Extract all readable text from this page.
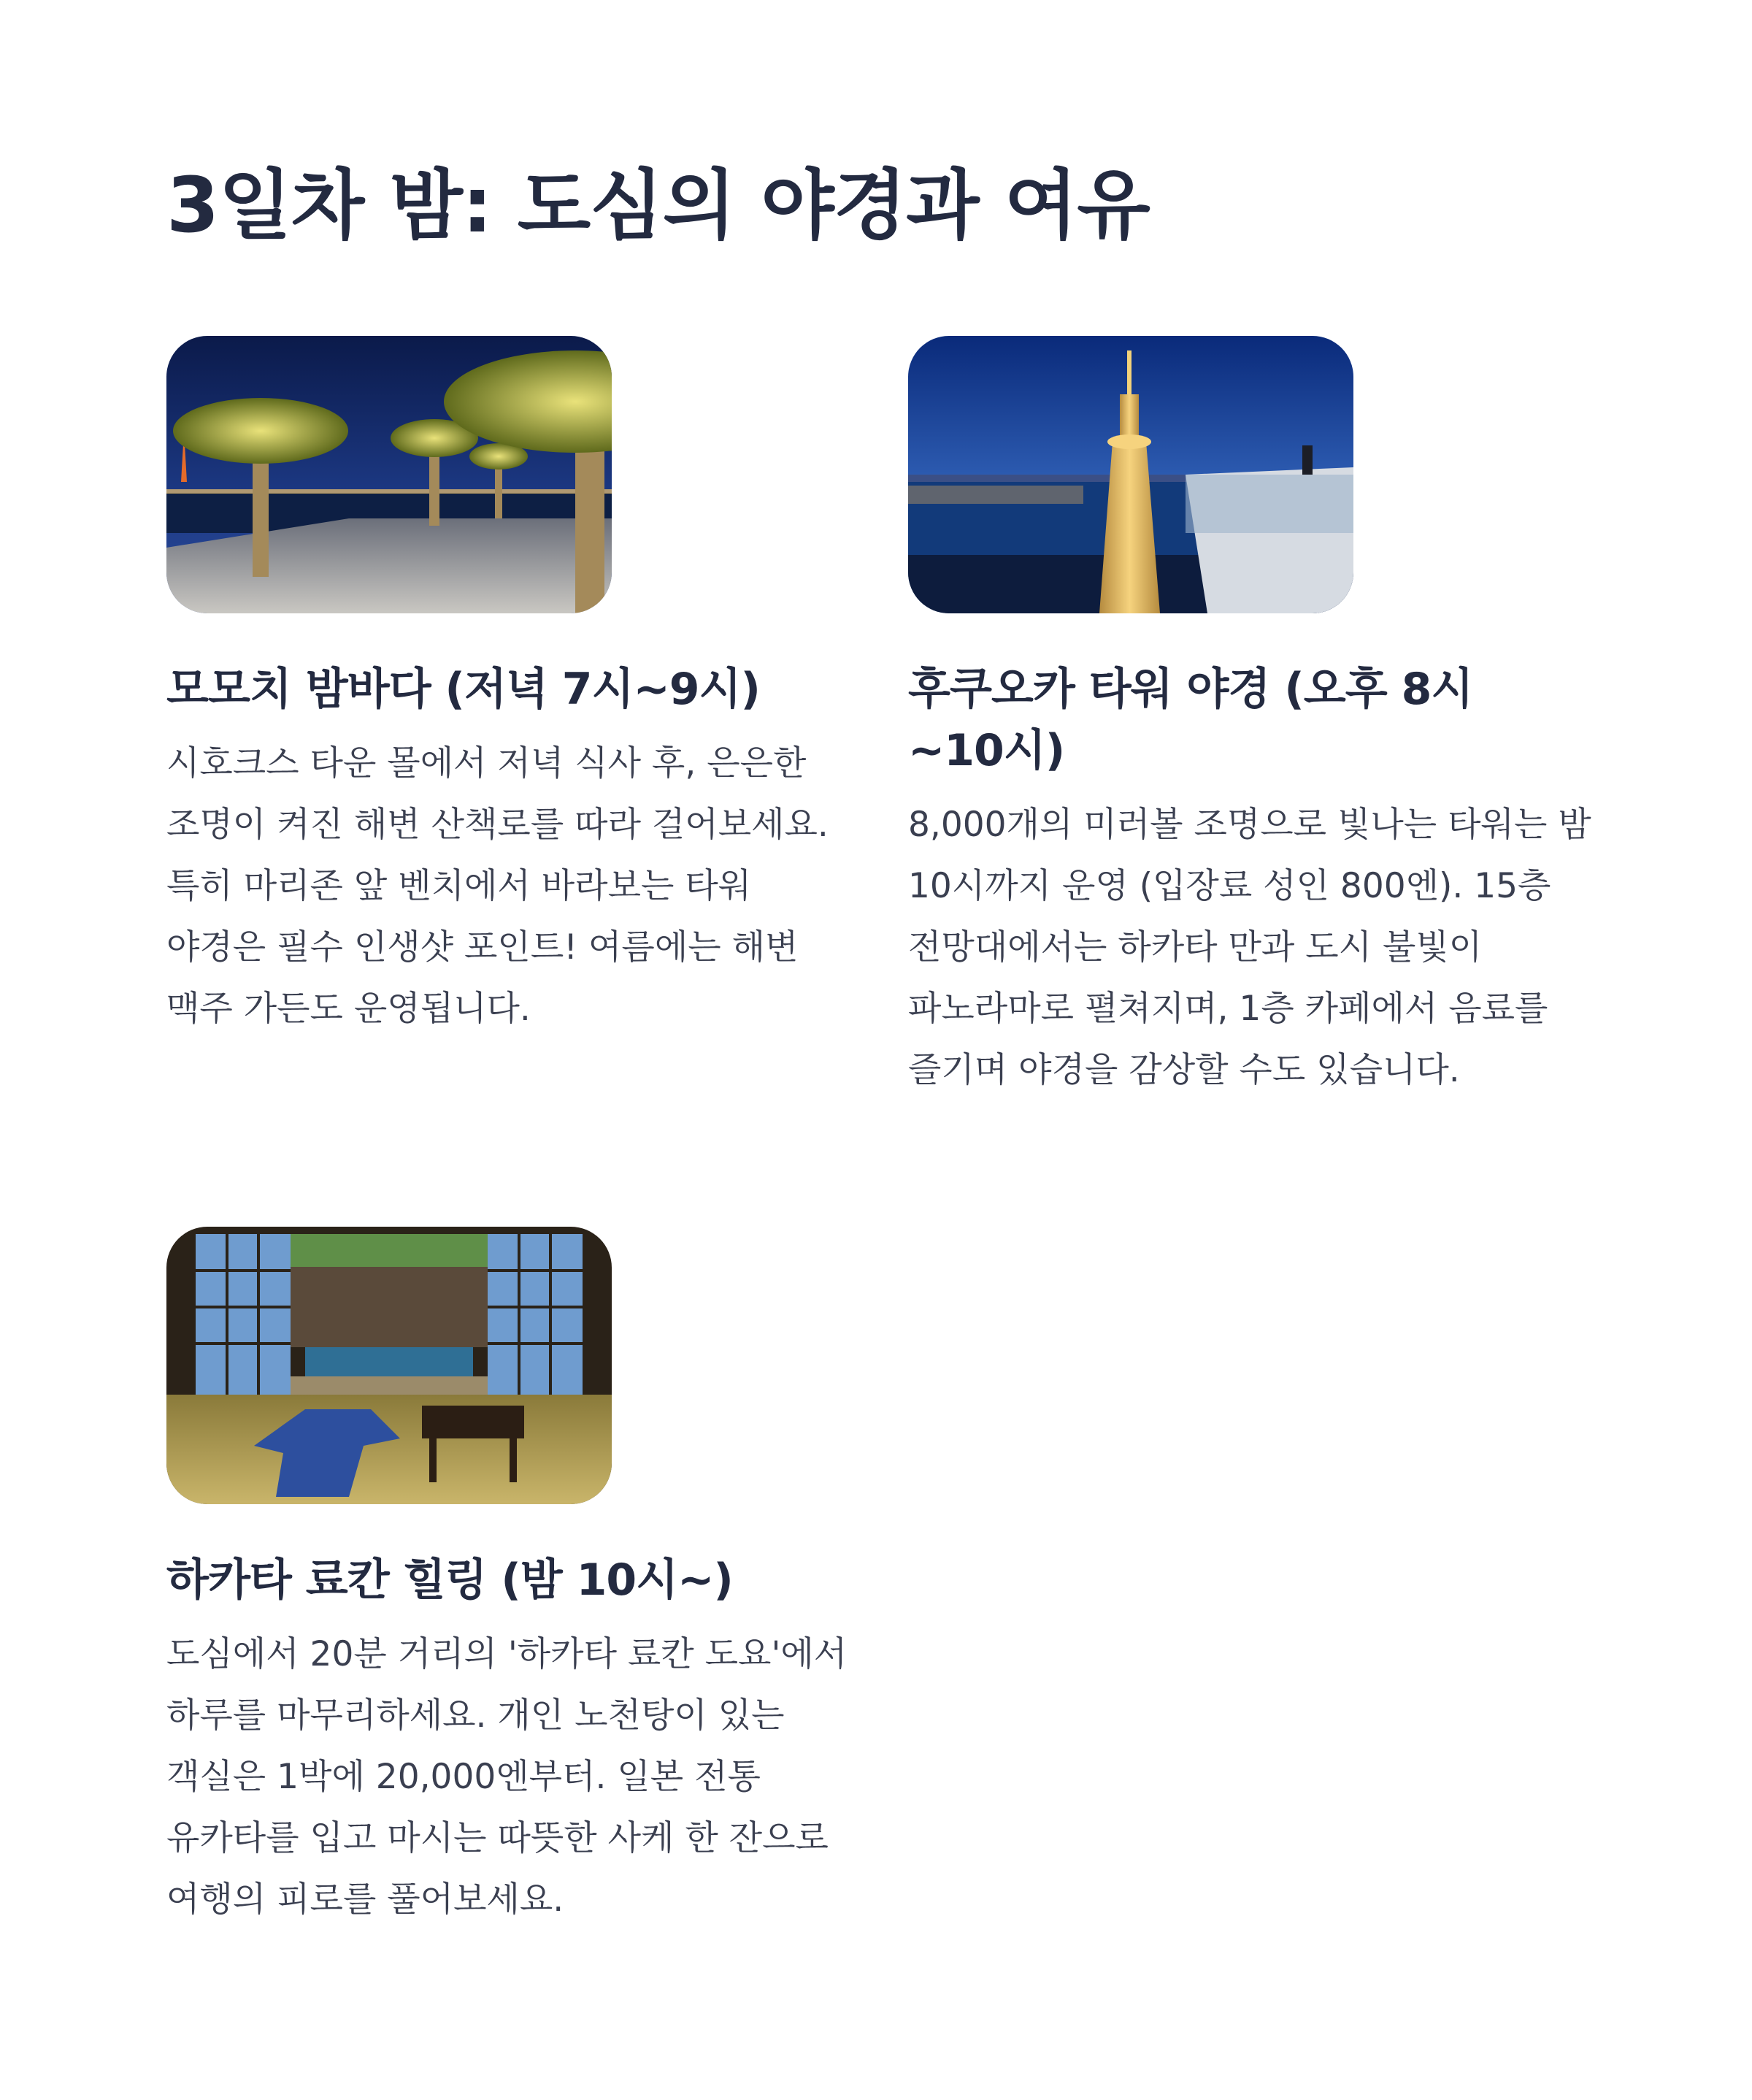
3일차 밤: 도심의 야경과 여유
모모치 밤바다 (저녁 7시~9시)

시호크스 타운 몰에서 저녁 식사 후, 은은한 조명이 켜진 해변 산책로를 따라 걸어보세요. 특히 마리존 앞 벤치에서 바라보는 타워 야경은 필수 인생샷 포인트! 여름에는 해변 맥주 가든도 운영됩니다.

후쿠오카 타워 야경 (오후 8시~10시)

8,000개의 미러볼 조명으로 빛나는 타워는 밤 10시까지 운영 (입장료 성인 800엔). 15층 전망대에서는 하카타 만과 도시 불빛이 파노라마로 펼쳐지며, 1층 카페에서 음료를 즐기며 야경을 감상할 수도 있습니다.

하카타 료칸 힐링 (밤 10시~)

도심에서 20분 거리의 '하카타 료칸 도요'에서 하루를 마무리하세요. 개인 노천탕이 있는 객실은 1박에 20,000엔부터. 일본 전통 유카타를 입고 마시는 따뜻한 사케 한 잔으로 여행의 피로를 풀어보세요.
